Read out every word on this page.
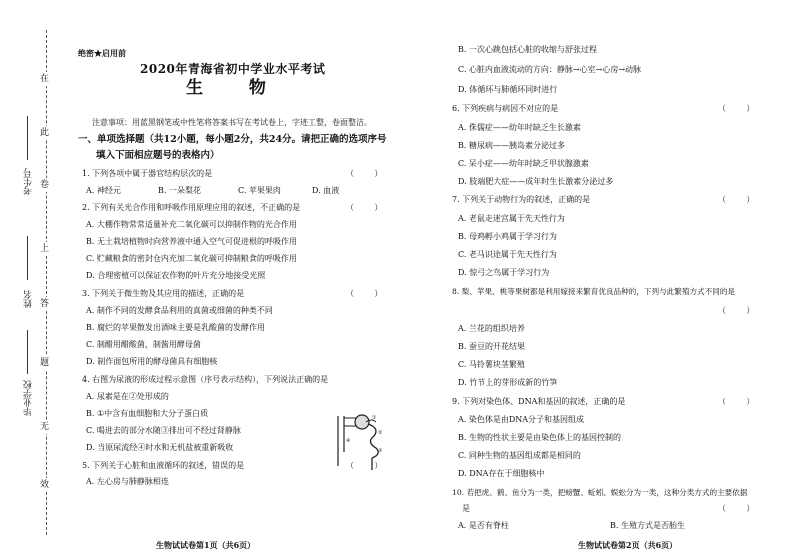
在
此
卷
上
答
题
无
效
考生号
姓名
毕业学校
绝密★启用前
2020年青海省初中学业水平考试
生 物
注意事项：用蓝黑钢笔或中性笔将答案书写在考试卷上，字迹工整，卷面整洁。
一、单项选择题（共12小题，每小题2分，共24分。请把正确的选项序号
填入下面相应题号的表格内）
1. 下列各项中属于器官结构层次的是	（        ）
A. 神经元	B. 一朵梨花	C. 苹果果肉	D. 血液
2. 下列有关光合作用和呼吸作用原理应用的叙述，不正确的是	（        ）
A. 大棚作物常常适量补充二氧化碳可以抑制作物的光合作用
B. 无土栽培植物时向营养液中通入空气可促进根的呼吸作用
C. 贮藏粮食的密封仓内充加二氧化碳可抑制粮食的呼吸作用
D. 合理密植可以保证农作物的叶片充分地接受光照
3. 下列关于微生物及其应用的描述，正确的是	（        ）
A. 制作不同的发酵食品利用的真菌或细菌的种类不同
B. 腐烂的苹果散发出酒味主要是乳酸菌的发酵作用
C. 制醋用醋酸菌，制酱用酵母菌
D. 制作面包所用的酵母菌具有细胞核
4. 右图为尿液的形成过程示意图（序号表示结构），下列说法正确的是
A. 尿素是在②处形成的
B. ①中含有血细胞和大分子蛋白质
C. 喝进去的部分水随③排出可不经过肾静脉
D. 当原尿流经④时水和无机盐被重新吸收
5. 下列关于心脏和血液循环的叙述，错误的是	（        ）
A. 左心房与肺静脉相连
①
②
③
④
生物试试卷第1页（共6页）
B. 一次心跳包括心脏的收缩与舒张过程
C. 心脏内血液流动的方向：静脉→心室→心房→动脉
D. 体循环与肺循环同时进行
6. 下列疾病与病因不对应的是	（        ）
A. 侏儒症——幼年时缺乏生长激素
B. 糖尿病——胰岛素分泌过多
C. 呆小症——幼年时缺乏甲状腺激素
D. 肢端肥大症——成年时生长激素分泌过多
7. 下列关于动物行为的叙述，正确的是	（        ）
A. 老鼠走迷宫属于先天性行为
B. 母鸡孵小鸡属于学习行为
C. 老马识途属于先天性行为
D. 惊弓之鸟属于学习行为
8. 梨、苹果、桃等果树都是利用嫁接来繁育优良品种的，下列与此繁殖方式不同的是
（        ）
A. 兰花的组织培养
B. 蚕豆的开花结果
C. 马铃薯块茎繁殖
D. 竹节上的芽形成新的竹笋
9. 下列对染色体、DNA和基因的叙述，正确的是	（        ）
A. 染色体是由DNA分子和基因组成
B. 生物的性状主要是由染色体上的基因控制的
C. 同种生物的基因组成都是相同的
D. DNA存在于细胞核中
10. 若把虎、鹤、鱼分为一类，把螃蟹、蚯蚓、蜈蚣分为一类，这种分类方式的主要依据
是	（        ）
A. 是否有脊柱	B. 生殖方式是否胎生
生物试试卷第2页（共6页）
